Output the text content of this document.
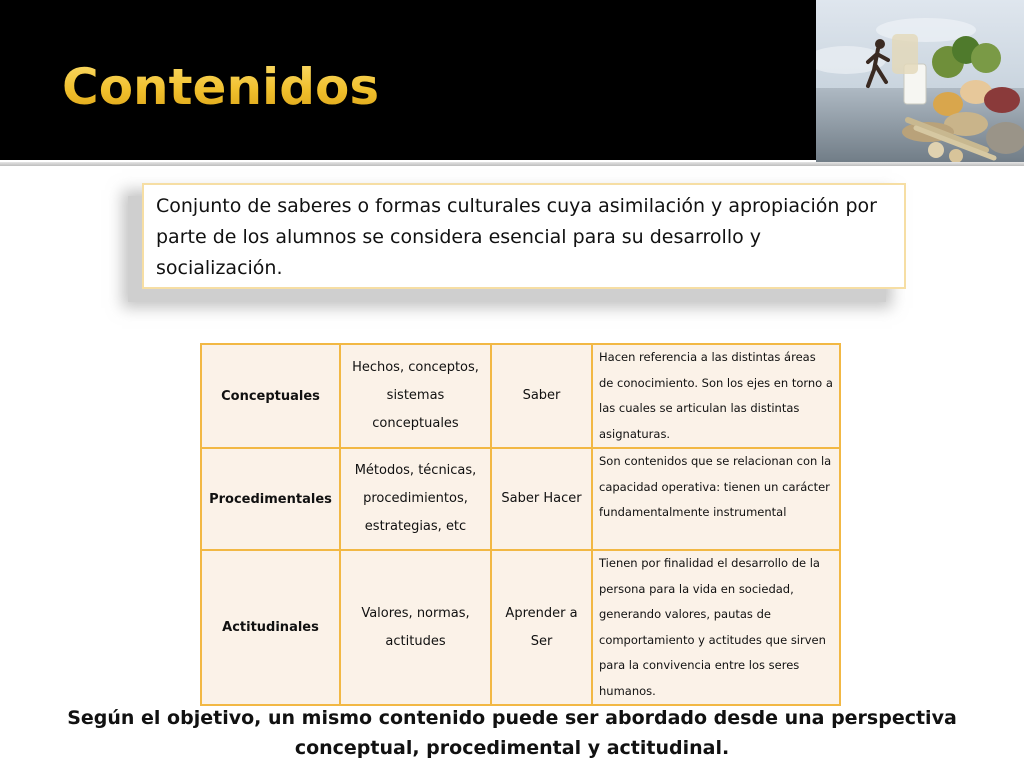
Contenidos

Conjunto de saberes o formas culturales cuya asimilación y apropiación por parte de los alumnos se considera esencial para su desarrollo y socialización.

Conceptuales	Hechos, conceptos, sistemas conceptuales	Saber	Hacen referencia a las distintas áreas de conocimiento. Son los ejes en torno a las cuales se articulan las distintas asignaturas.
Procedimentales	Métodos, técnicas, procedimientos, estrategias, etc	Saber Hacer	Son contenidos que se relacionan con la capacidad operativa: tienen un carácter fundamentalmente instrumental
Actitudinales	Valores, normas, actitudes	Aprender a Ser	Tienen por finalidad el desarrollo de la persona para la vida en sociedad, generando valores, pautas de comportamiento y actitudes que sirven para la convivencia entre los seres humanos.

Según el objetivo, un mismo contenido puede ser abordado desde una perspectiva
conceptual, procedimental y actitudinal.
